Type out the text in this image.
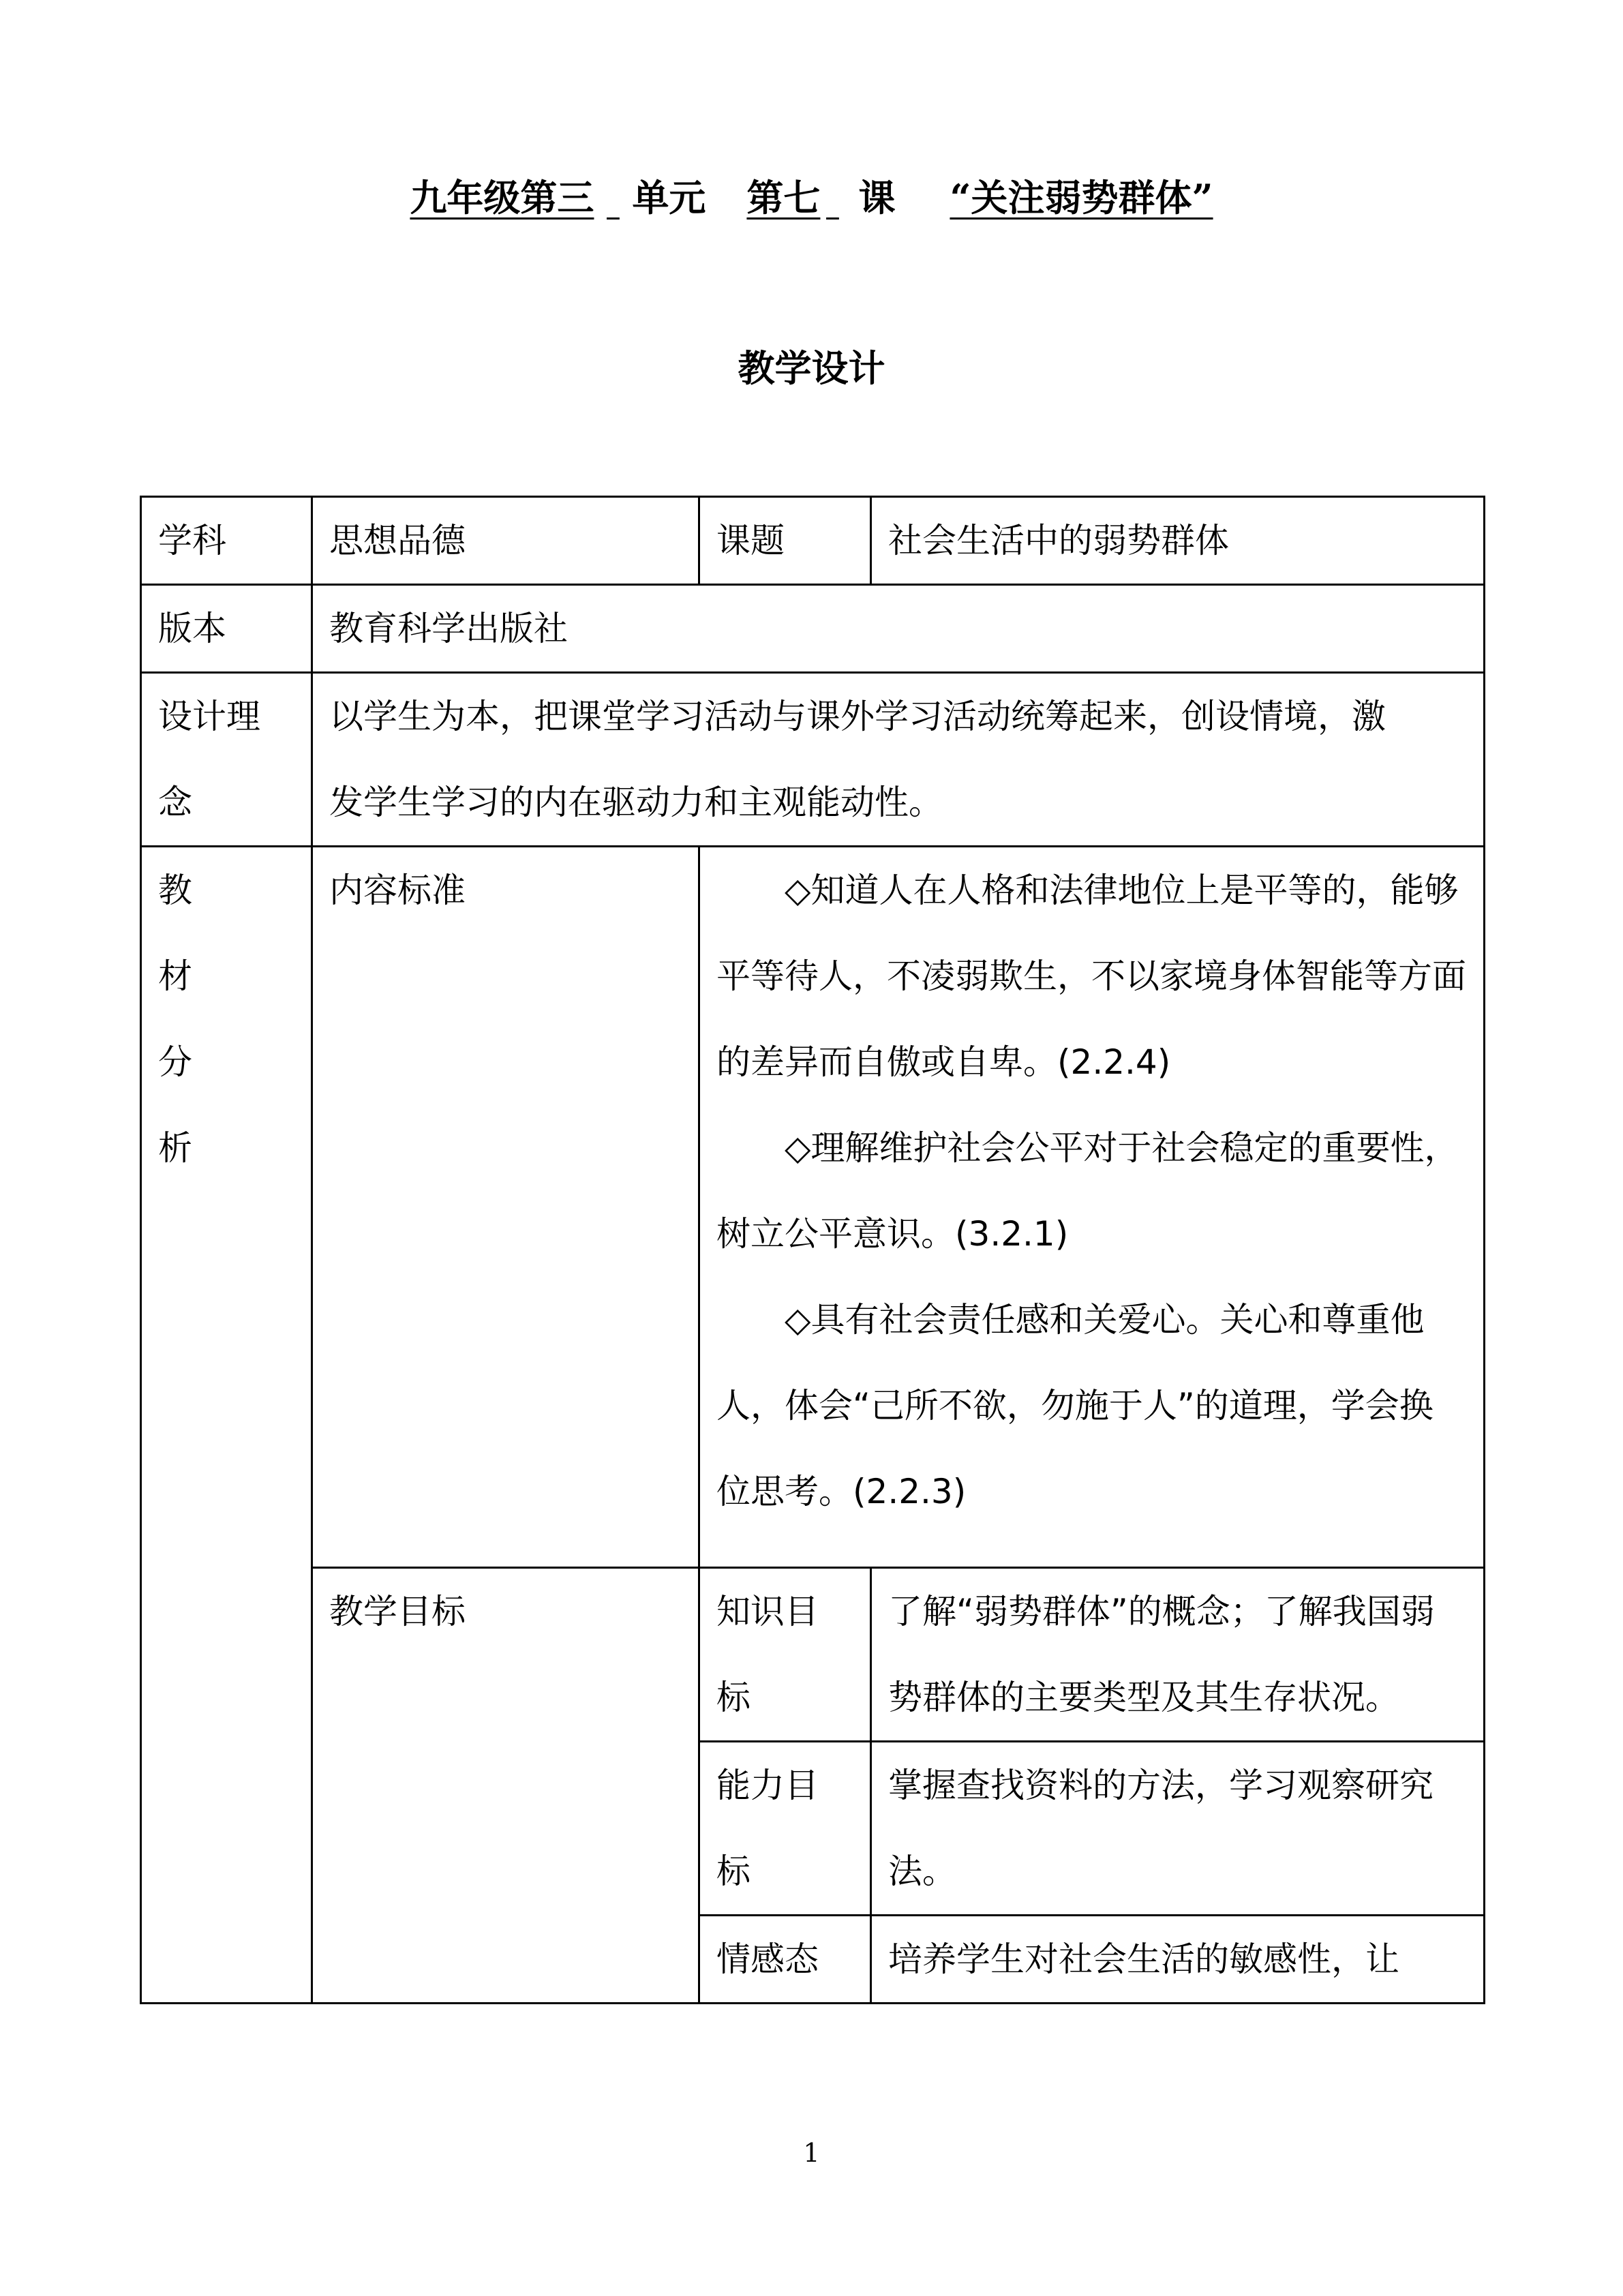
九年级第三 单元 第七 课 “关注弱势群体”
教学设计
学科	思想品德	课题	社会生活中的弱势群体

版本	教育科学出版社		

设计理念	以学生为本，把课堂学习活动与课外学习活动统筹起来，创设情境，激发学生学习的内在驱动力和主观能动性。		

教材分析	内容标准	◇知道人在人格和法律地位上是平等的，能够平等待人，不凌弱欺生，不以家境身体智能等方面的差异而自傲或自卑。(2.2.4)
◇理解维护社会公平对于社会稳定的重要性，树立公平意识。(3.2.1)
◇具有社会责任感和关爱心。关心和尊重他人，体会“己所不欲，勿施于人”的道理，学会换位思考。(2.2.3)	

	教学目标	知识目标	了解“弱势群体”的概念；了解我国弱势群体的主要类型及其生存状况。

		能力目标	掌握查找资料的方法，学习观察研究法。

		情感态	培养学生对社会生活的敏感性，让
1
